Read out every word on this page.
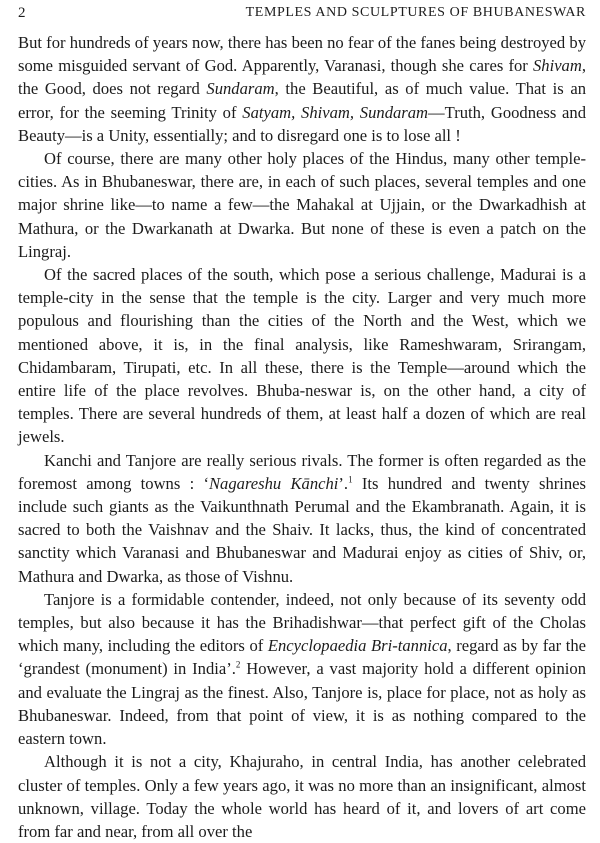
2	TEMPLES AND SCULPTURES OF BHUBANESWAR

But for hundreds of years now, there has been no fear of the fanes being destroyed by some misguided servant of God. Apparently, Varanasi, though she cares for Shivam, the Good, does not regard Sundaram, the Beautiful, as of much value. That is an error, for the seeming Trinity of Satyam, Shivam, Sundaram—Truth, Goodness and Beauty—is a Unity, essentially; and to disregard one is to lose all !

Of course, there are many other holy places of the Hindus, many other temple-cities. As in Bhubaneswar, there are, in each of such places, several temples and one major shrine like—to name a few—the Mahakal at Ujjain, or the Dwarkadhish at Mathura, or the Dwarkanath at Dwarka. But none of these is even a patch on the Lingraj.

Of the sacred places of the south, which pose a serious challenge, Madurai is a temple-city in the sense that the temple is the city. Larger and very much more populous and flourishing than the cities of the North and the West, which we mentioned above, it is, in the final analysis, like Rameshwaram, Srirangam, Chidambaram, Tirupati, etc. In all these, there is the Temple—around which the entire life of the place revolves. Bhuba-neswar is, on the other hand, a city of temples. There are several hundreds of them, at least half a dozen of which are real jewels.

Kanchi and Tanjore are really serious rivals. The former is often regarded as the foremost among towns : ‘Nagareshu Kānchi’.$^1$ Its hundred and twenty shrines include such giants as the Vaikunthnath Perumal and the Ekambranath. Again, it is sacred to both the Vaishnav and the Shaiv. It lacks, thus, the kind of concentrated sanctity which Varanasi and Bhubaneswar and Madurai enjoy as cities of Shiv, or, Mathura and Dwarka, as those of Vishnu.

Tanjore is a formidable contender, indeed, not only because of its seventy odd temples, but also because it has the Brihadishwar—that perfect gift of the Cholas which many, including the editors of Encyclopaedia Bri-tannica, regard as by far the ‘grandest (monument) in India’.$^2$ However, a vast majority hold a different opinion and evaluate the Lingraj as the finest. Also, Tanjore is, place for place, not as holy as Bhubaneswar. Indeed, from that point of view, it is as nothing compared to the eastern town.

Although it is not a city, Khajuraho, in central India, has another celebrated cluster of temples. Only a few years ago, it was no more than an insignificant, almost unknown, village. Today the whole world has heard of it, and lovers of art come from far and near, from all over the
